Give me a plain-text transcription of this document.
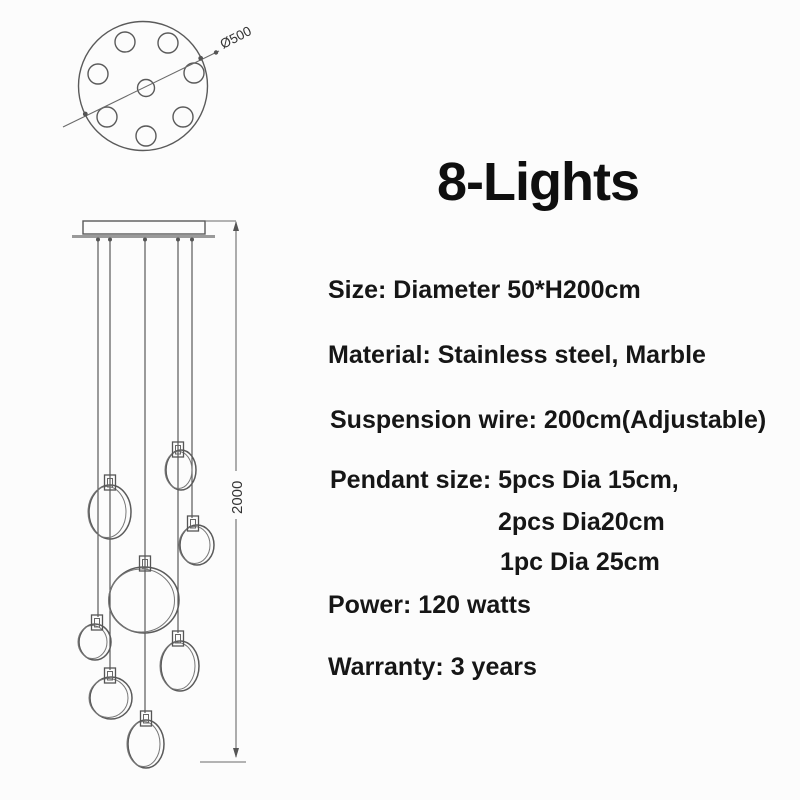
Ø500
2000
8-Lights
Size: Diameter 50*H200cm
Material: Stainless steel, Marble
Suspension wire: 200cm(Adjustable)
Pendant size: 5pcs Dia 15cm,
2pcs Dia20cm
1pc Dia 25cm
Power: 120 watts
Warranty: 3 years
